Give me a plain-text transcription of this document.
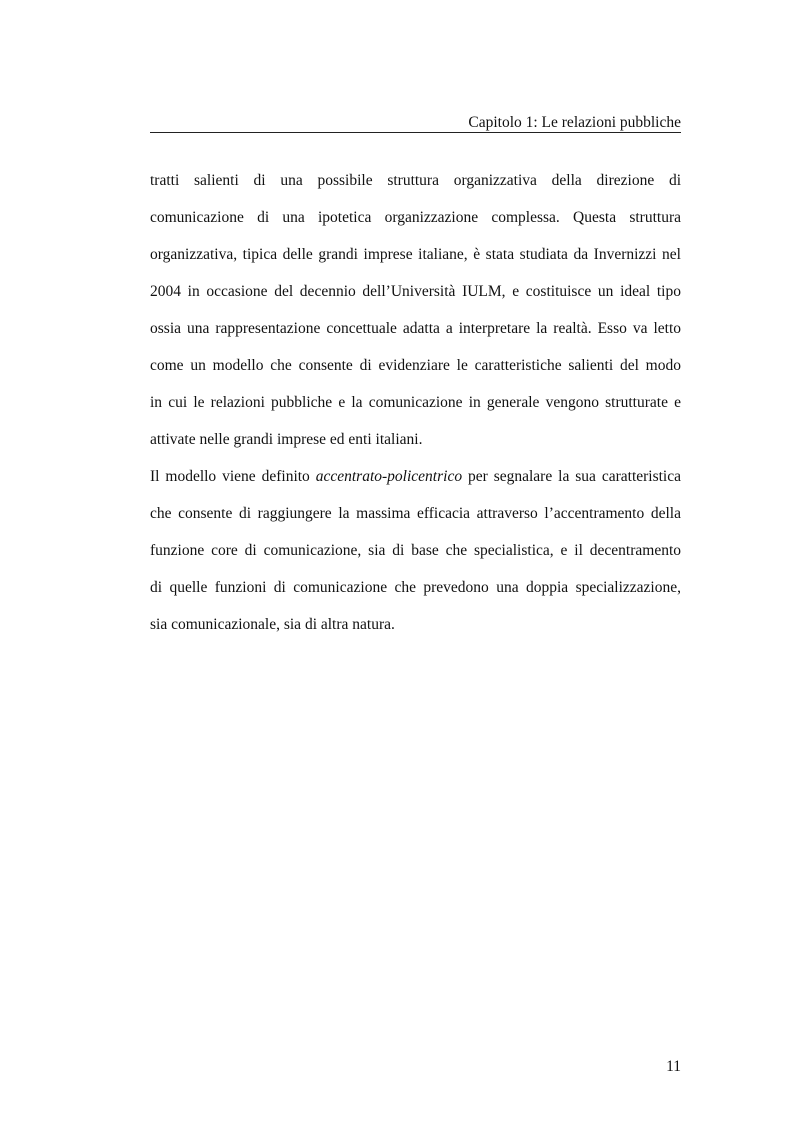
Capitolo 1: Le relazioni pubbliche
tratti salienti di una possibile struttura organizzativa della direzione di
comunicazione di una ipotetica organizzazione complessa. Questa struttura
organizzativa, tipica delle grandi imprese italiane, è stata studiata da Invernizzi nel
2004 in occasione del decennio dell’Università IULM, e costituisce un ideal tipo
ossia una rappresentazione concettuale adatta a interpretare la realtà. Esso va letto
come un modello che consente di evidenziare le caratteristiche salienti del modo
in cui le relazioni pubbliche e la comunicazione in generale vengono strutturate e
attivate nelle grandi imprese ed enti italiani.
Il modello viene definito accentrato-policentrico per segnalare la sua caratteristica
che consente di raggiungere la massima efficacia attraverso l’accentramento della
funzione core di comunicazione, sia di base che specialistica, e il decentramento
di quelle funzioni di comunicazione che prevedono una doppia specializzazione,
sia comunicazionale, sia di altra natura.
11
